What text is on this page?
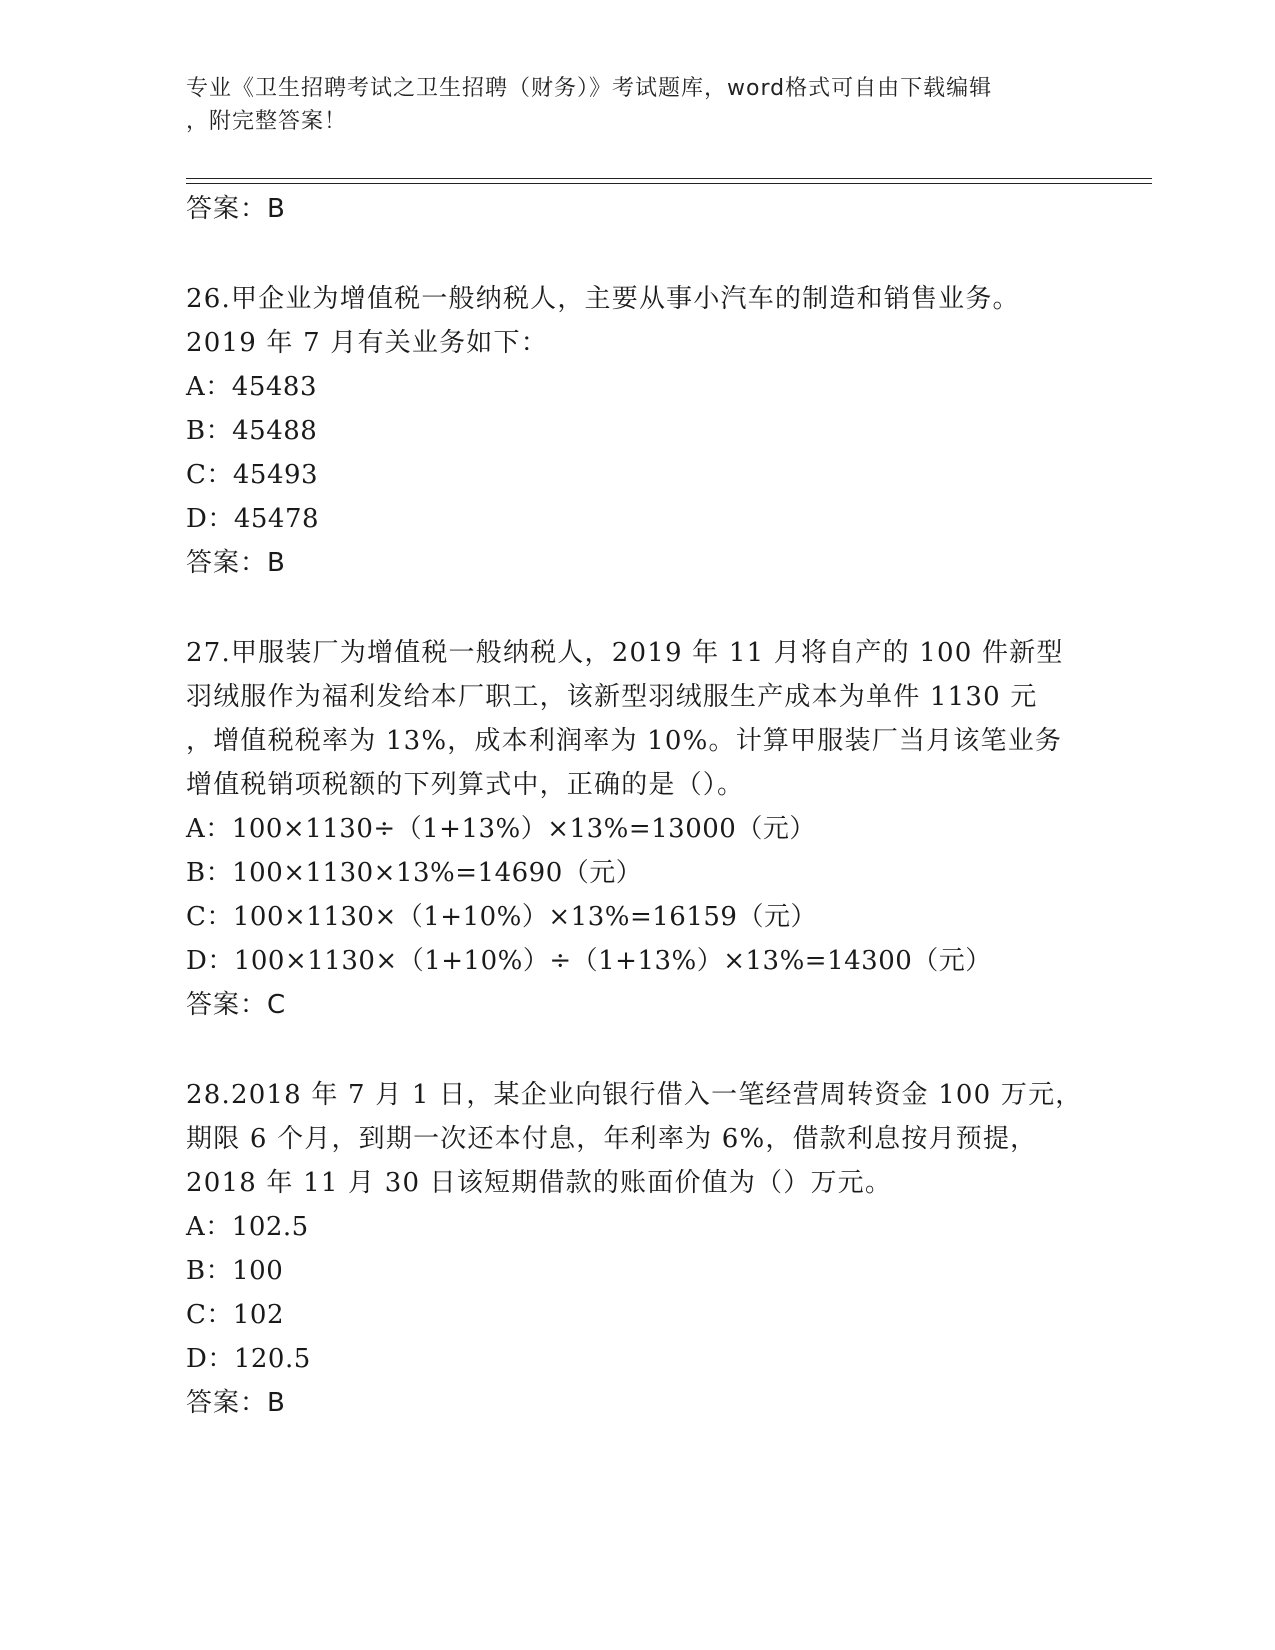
专业《卫生招聘考试之卫生招聘（财务）》考试题库，word格式可自由下载编辑
，附完整答案！
答案：B
26.甲企业为增值税一般纳税人，主要从事小汽车的制造和销售业务。
2019 年 7 月有关业务如下：
A：45483
B：45488
C：45493
D：45478
答案：B
27.甲服装厂为增值税一般纳税人，2019 年 11 月将自产的 100 件新型
羽绒服作为福利发给本厂职工，该新型羽绒服生产成本为单件 1130 元
，增值税税率为 13%，成本利润率为 10%。计算甲服装厂当月该笔业务
增值税销项税额的下列算式中，正确的是（）。
A：100×1130÷（1+13%）×13%=13000（元）
B：100×1130×13%=14690（元）
C：100×1130×（1+10%）×13%=16159（元）
D：100×1130×（1+10%）÷（1+13%）×13%=14300（元）
答案：C
28.2018 年 7 月 1 日，某企业向银行借入一笔经营周转资金 100 万元，
期限 6 个月，到期一次还本付息，年利率为 6%，借款利息按月预提，
2018 年 11 月 30 日该短期借款的账面价值为（）万元。
A：102.5
B：100
C：102
D：120.5
答案：B
